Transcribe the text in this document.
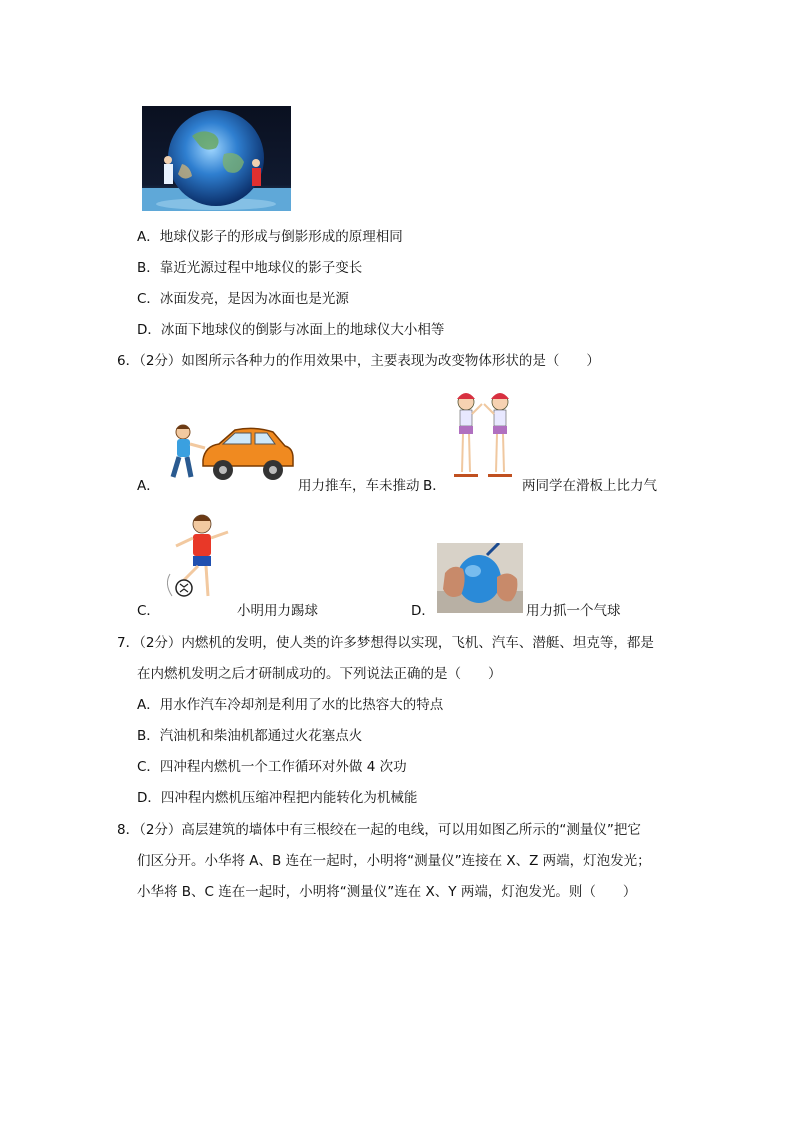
A．地球仪影子的形成与倒影形成的原理相同
B．靠近光源过程中地球仪的影子变长
C．冰面发亮，是因为冰面也是光源
D．冰面下地球仪的倒影与冰面上的地球仪大小相等
6．（2分）如图所示各种力的作用效果中，主要表现为改变物体形状的是（　　）
A．	用力推车，车未推动 B．	两同学在滑板上比力气
C．	小明用力踢球	D．	用力抓一个气球
7．（2分）内燃机的发明，使人类的许多梦想得以实现，飞机、汽车、潜艇、坦克等，都是
在内燃机发明之后才研制成功的。下列说法正确的是（　　）
A．用水作汽车冷却剂是利用了水的比热容大的特点
B．汽油机和柴油机都通过火花塞点火
C．四冲程内燃机一个工作循环对外做 4 次功
D．四冲程内燃机压缩冲程把内能转化为机械能
8．（2分）高层建筑的墙体中有三根绞在一起的电线，可以用如图乙所示的“测量仪”把它
们区分开。小华将 A、B 连在一起时，小明将“测量仪”连接在 X、Z 两端，灯泡发光；
小华将 B、C 连在一起时，小明将“测量仪”连在 X、Y 两端，灯泡发光。则（　　）
